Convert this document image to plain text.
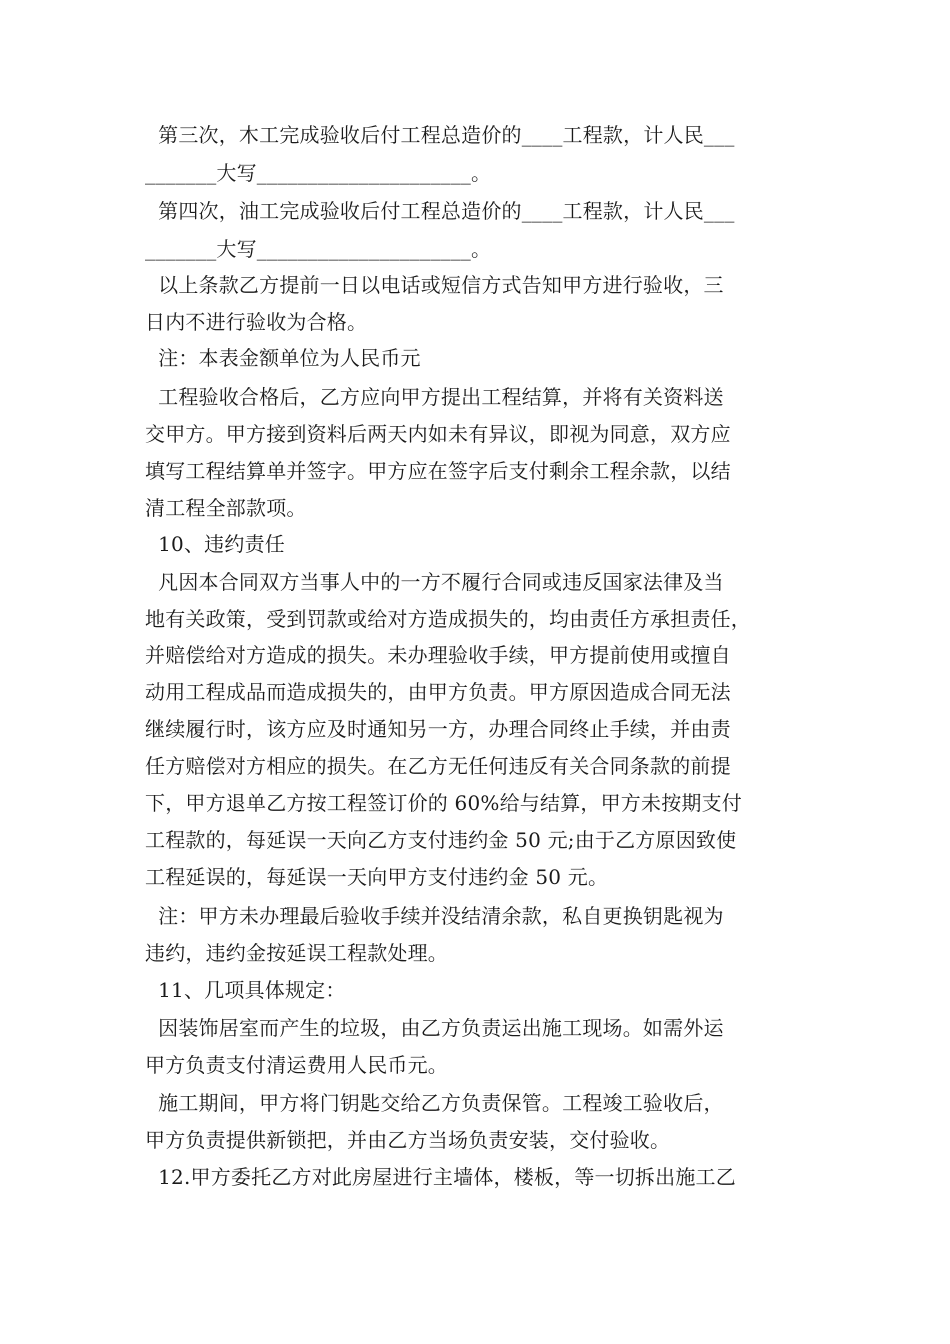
第三次，木工完成验收后付工程总造价的____工程款，计人民___
_______大写_____________________。
第四次，油工完成验收后付工程总造价的____工程款，计人民___
_______大写_____________________。
以上条款乙方提前一日以电话或短信方式告知甲方进行验收，三
日内不进行验收为合格。
注：本表金额单位为人民币元
工程验收合格后，乙方应向甲方提出工程结算，并将有关资料送
交甲方。甲方接到资料后两天内如未有异议，即视为同意，双方应
填写工程结算单并签字。甲方应在签字后支付剩余工程余款，以结
清工程全部款项。
10、违约责任
凡因本合同双方当事人中的一方不履行合同或违反国家法律及当
地有关政策，受到罚款或给对方造成损失的，均由责任方承担责任，
并赔偿给对方造成的损失。未办理验收手续，甲方提前使用或擅自
动用工程成品而造成损失的，由甲方负责。甲方原因造成合同无法
继续履行时，该方应及时通知另一方，办理合同终止手续，并由责
任方赔偿对方相应的损失。在乙方无任何违反有关合同条款的前提
下，甲方退单乙方按工程签订价的 60%给与结算，甲方未按期支付
工程款的，每延误一天向乙方支付违约金 50 元;由于乙方原因致使
工程延误的，每延误一天向甲方支付违约金 50 元。
注：甲方未办理最后验收手续并没结清余款，私自更换钥匙视为
违约，违约金按延误工程款处理。
11、几项具体规定：
因装饰居室而产生的垃圾，由乙方负责运出施工现场。如需外运
甲方负责支付清运费用人民币元。
施工期间，甲方将门钥匙交给乙方负责保管。工程竣工验收后，
甲方负责提供新锁把，并由乙方当场负责安装，交付验收。
12.甲方委托乙方对此房屋进行主墙体，楼板，等一切拆出施工乙
